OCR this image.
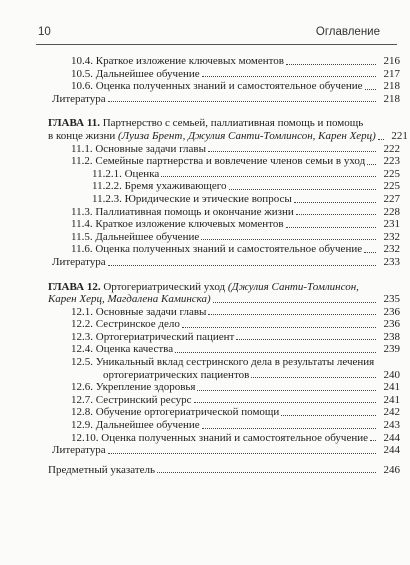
10	Оглавление
10.4. Краткое изложение ключевых моментов	216
10.5. Дальнейшее обучение	217
10.6. Оценка полученных знаний и самостоятельное обучение	218
Литература	218
ГЛАВА 11. Партнерство с семьей, паллиативная помощь и помощь
в конце жизни (Луиза Брент, Джулия Санти-Томлинсон, Карен Херц)	221
11.1. Основные задачи главы	222
11.2. Семейные партнерства и вовлечение членов семьи в уход	223
11.2.1. Оценка	225
11.2.2. Бремя ухаживающего	225
11.2.3. Юридические и этические вопросы	227
11.3. Паллиативная помощь и окончание жизни	228
11.4. Краткое изложение ключевых моментов	231
11.5. Дальнейшее обучение	232
11.6. Оценка полученных знаний и самостоятельное обучение	232
Литература	233
ГЛАВА 12. Ортогериатрический уход (Джулия Санти-Томлинсон,
Карен Херц, Магдалена Каминска)	235
12.1. Основные задачи главы	236
12.2. Сестринское дело	236
12.3. Ортогериатрический пациент	238
12.4. Оценка качества	239
12.5. Уникальный вклад сестринского дела в результаты лечения
ортогериатрических пациентов	240
12.6. Укрепление здоровья	241
12.7. Сестринский ресурс	241
12.8. Обучение ортогериатрической помощи	242
12.9. Дальнейшее обучение	243
12.10. Оценка полученных знаний и самостоятельное обучение	244
Литература	244
Предметный указатель	246
